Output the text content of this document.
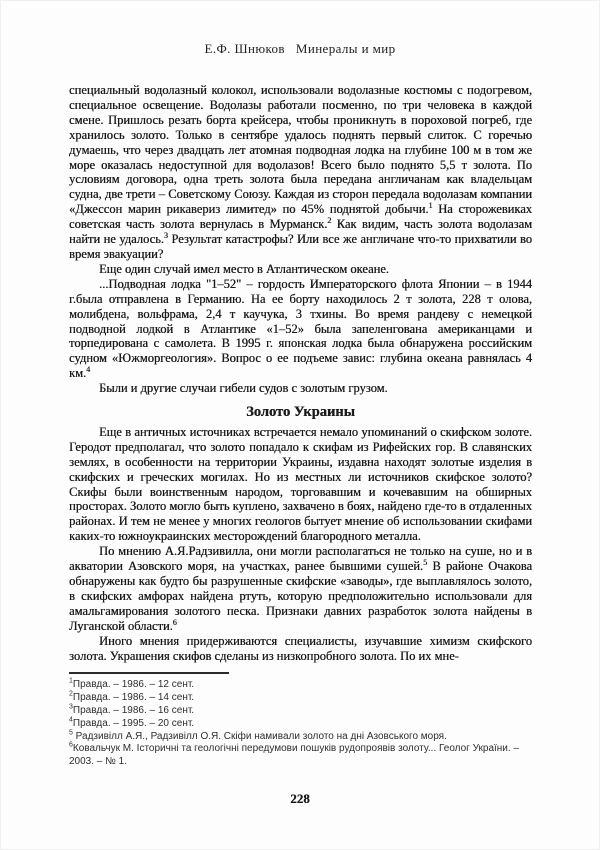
Е.Ф. Шнюков   Минералы и мир

специальный водолазный колокол, использовали водолазные костюмы с подогревом, специальное освещение. Водолазы работали посменно, по три человека в каждой смене. Пришлось резать борта крейсера, чтобы проникнуть в пороховой погреб, где хранилось золото. Только в сентябре удалось поднять первый слиток. С горечью думаешь, что через двадцать лет атомная подводная лодка на глубине 100 м в том же море оказалась недоступной для водолазов! Всего было поднято 5,5 т золота. По условиям договора, одна треть золота была передана англичанам как владельцам судна, две трети – Советскому Союзу. Каждая из сторон передала водолазам компании «Джессон марин рикавериз лимитед» по 45% поднятой добычи.$^1$ На сторожевиках советская часть золота вернулась в Мурманск.$^2$ Как видим, часть золота водолазам найти не удалось.$^3$ Результат катастрофы? Или все же англичане что-то прихватили во время эвакуации?

Еще один случай имел место в Атлантическом океане.

...Подводная лодка "1–52" – гордость Императорского флота Японии – в 1944 г.была отправлена в Германию. На ее борту находилось 2 т золота, 228 т олова, молибдена, вольфрама, 2,4 т каучука, 3 тхины. Во время рандеву с немецкой подводной лодкой в Атлантике «1–52» была запеленгована американцами и торпедирована с самолета. В 1995 г. японская лодка была обнаружена российским судном «Южморгеология». Вопрос о ее подъеме завис: глубина океана равнялась 4 км.$^4$

Были и другие случаи гибели судов с золотым грузом.

Золото Украины

Еще в античных источниках встречается немало упоминаний о скифском золоте. Геродот предполагал, что золото попадало к скифам из Рифейских гор. В славянских землях, в особенности на территории Украины, издавна находят золотые изделия в скифских и греческих могилах. Но из местных ли источников скифское золото? Скифы были воинственным народом, торговавшим и кочевавшим на обширных просторах. Золото могло быть куплено, захвачено в боях, найдено где-то в отдаленных районах. И тем не менее у многих геологов бытует мнение об использовании скифами каких-то южноукраинских месторождений благородного металла.

По мнению А.Я.Радзивилла, они могли располагаться не только на суше, но и в акватории Азовского моря, на участках, ранее бывшими сушей.$^5$ В районе Очакова обнаружены как будто бы разрушенные скифские «заводы», где выплавлялось золото, в скифских амфорах найдена ртуть, которую предположительно использовали для амальгамирования золотого песка. Признаки давних разработок золота найдены в Луганской области.$^6$

Иного мнения придерживаются специалисты, изучавшие химизм скифского золота. Украшения скифов сделаны из низкопробного золота. По их мне-

$^1$Правда. – 1986. – 12 сент.
$^2$Правда. – 1986. – 14 сент.
$^3$Правда. – 1986. – 16 сент.
$^4$Правда. – 1995. – 20 сент.
$^5$ Радзивілл А.Я., Радзивілл О.Я. Скіфи намивали золото на дні Азовського моря.
$^6$Ковальчук М. Історичні та геологічні передумови пошуків рудопроявів золоту... Геолог України. – 2003. – № 1.
228
